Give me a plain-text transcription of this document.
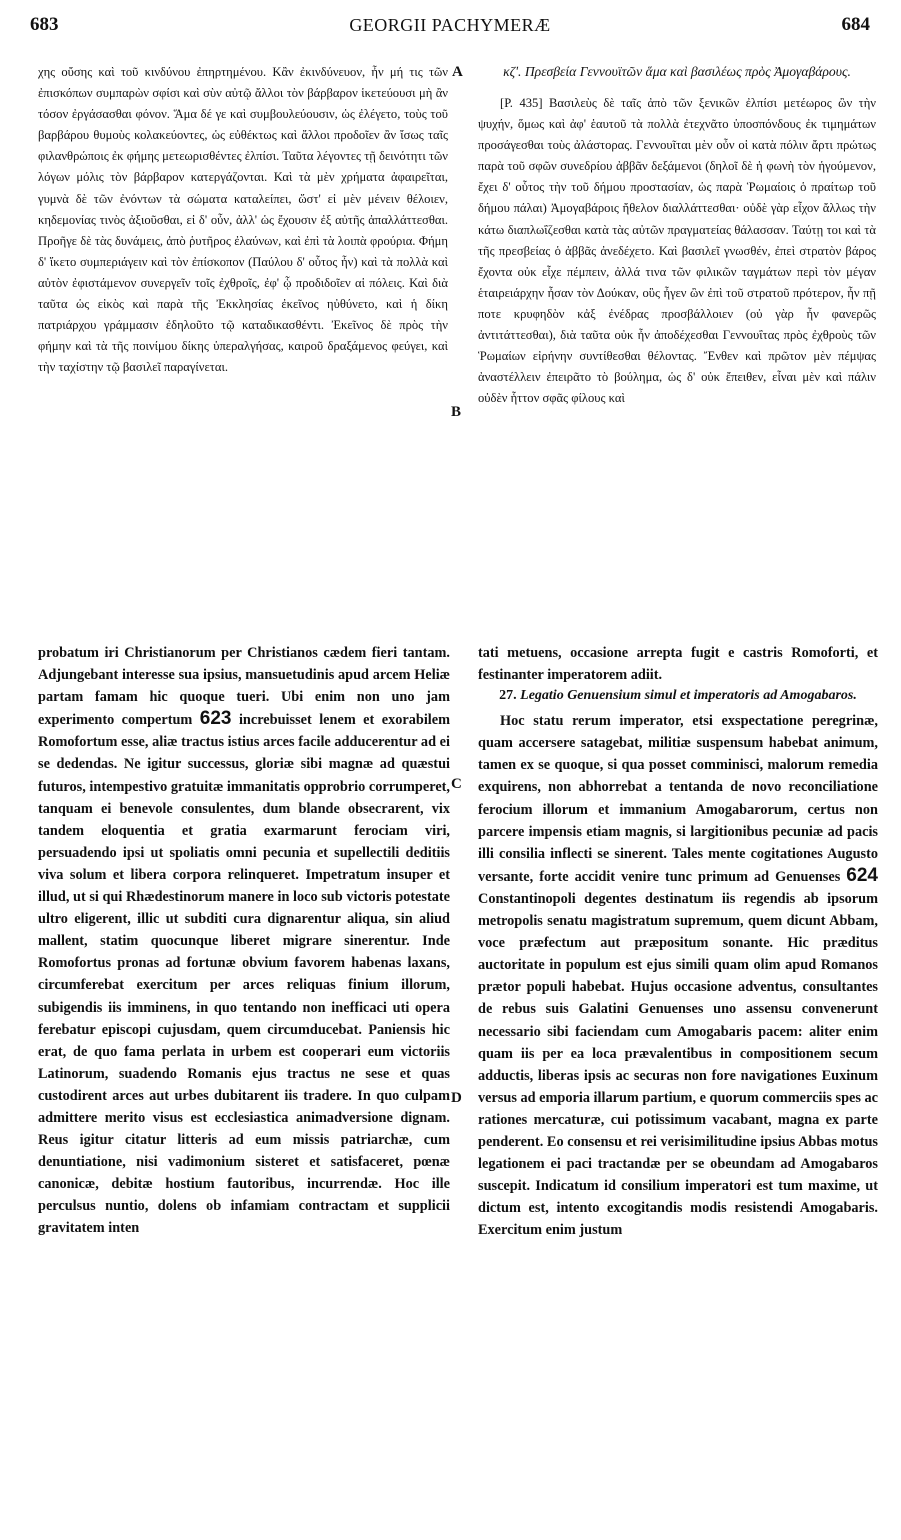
683	GEORGII PACHYMERÆ	684

χης οὔσης καὶ τοῦ κινδύνου ἐπηρτημένου. Κἂν ἐκινδύνευον, ἦν μή τις τῶν ἐπισκόπων συμπαρὼν σφίσι καὶ σὺν αὐτῷ ἄλλοι τὸν βάρβαρον ἱκετεύουσι μὴ ἂν τόσον ἐργάσασθαι φόνον. Ἅμα δέ γε καὶ συμβουλεύουσιν, ὡς ἐλέγετο, τοὺς τοῦ βαρβάρου θυμοὺς κολακεύοντες, ὡς εὐθέκτως καὶ ἄλλοι προδοῖεν ἂν ἴσως ταῖς φιλανθρώποις ἐκ φήμης μετεωρισθέντες ἐλπίσι. Ταῦτα λέγοντες τῇ δεινότητι τῶν λόγων μόλις τὸν βάρβαρον κατεργάζονται. Καὶ τὰ μὲν χρήματα ἀφαιρεῖται, γυμνὰ δὲ τῶν ἐνόντων τὰ σώματα καταλείπει, ὥστ' εἰ μὲν μένειν θέλοιεν, κηδεμονίας τινὸς ἀξιοῦσθαι, εἰ δ' οὖν, ἀλλ' ὡς ἔχουσιν ἐξ αὐτῆς ἀπαλλάττεσθαι. Προῆγε δὲ τὰς δυνάμεις, ἀπὸ ῥυτῆρος ἐλαύνων, καὶ ἐπὶ τὰ λοιπὰ φρούρια. Φήμη δ' ἵκετο συμπεριάγειν καὶ τὸν ἐπίσκοπον (Παύλου δ' οὗτος ἦν) καὶ τὰ πολλὰ καὶ αὐτὸν ἐφιστάμενον συνεργεῖν τοῖς ἐχθροῖς, ἐφ' ᾧ προδιδοῖεν αἱ πόλεις. Καὶ διὰ ταῦτα ὡς εἰκὸς καὶ παρὰ τῆς Ἐκκλησίας ἐκεῖνος ηὐθύνετο, καὶ ἡ δίκη πατριάρχου γράμμασιν ἐδηλοῦτο τῷ καταδικασθέντι. Ἐκεῖνος δὲ πρὸς τὴν φήμην καὶ τὰ τῆς ποινίμου δίκης ὑπεραλγήσας, καιροῦ δραξάμενος φεύγει, καὶ τὴν ταχίστην τῷ βασιλεῖ παραγίνεται.

A	κζʹ. Πρεσβεία Γεννουϊτῶν ἅμα καὶ βασιλέως πρὸς Ἀμογαβάρους.

[P. 435] Βασιλεὺς δὲ ταῖς ἀπὸ τῶν ξενικῶν ἐλπίσι μετέωρος ὢν τὴν ψυχήν, ὅμως καὶ ἀφ' ἑαυτοῦ τὰ πολλὰ ἐτεχνᾶτο ὑποσπόνδους ἐκ τιμημάτων προσάγεσθαι τοὺς ἀλάστορας. Γεννουῖται μὲν οὖν οἱ κατὰ πόλιν ἄρτι πρώτως παρὰ τοῦ σφῶν συνεδρίου ἀββᾶν δεξάμενοι (δηλοῖ δὲ ἡ φωνὴ τὸν ἡγούμενον, ἔχει δ' οὗτος τὴν τοῦ δήμου προστασίαν, ὡς παρὰ Ῥωμαίοις ὁ πραίτωρ τοῦ δήμου πάλαι) Ἀμογαβάροις ἤθελον διαλλάττεσθαι· οὐδὲ γὰρ εἶχον ἄλλως τὴν κάτω διαπλωΐζεσθαι κατὰ τὰς αὐτῶν πραγματείας θάλασσαν. Ταύτῃ τοι καὶ τὰ τῆς πρεσβείας ὁ ἀββᾶς ἀνεδέχετο. Καὶ βασιλεῖ γνωσθέν, ἐπεὶ στρατὸν βάρος ἔχοντα οὐκ εἶχε πέμπειν, ἀλλά τινα τῶν φιλικῶν ταγμάτων περὶ τὸν μέγαν ἑταιρειάρχην ἦσαν τὸν Δούκαν, οὓς ἦγεν ὢν ἐπὶ τοῦ στρατοῦ πρότερον, ἦν πῇ ποτε κρυφηδὸν κἀξ ἐνέδρας προσβάλλοιεν (οὐ γὰρ ἦν φανερῶς ἀντιτάττεσθαι), διὰ ταῦτα οὐκ ἦν ἀποδέχεσθαι Γεννουΐτας πρὸς ἐχθροὺς τῶν Ῥωμαίων εἰρήνην συντίθεσθαι θέλοντας. Ἔνθεν καὶ πρῶτον μὲν πέμψας ἀναστέλλειν ἐπειρᾶτο τὸ βούλημα, ὡς δ' οὐκ ἔπειθεν, εἶναι μὲν καὶ πάλιν οὐδὲν ἧττον σφᾶς φίλους καὶ

B

probatum iri Christianorum per Christianos cædem fieri tantam. Adjungebant interesse sua ipsius, mansuetudinis apud arcem Heliæ partam famam hic quoque tueri. Ubi enim non uno jam experimento compertum 623 increbuisset lenem et exorabilem Romofortum esse, aliæ tractus istius arces facile adducerentur ad ei se dedendas. Ne igitur successus, gloriæ sibi magnæ ad quæstui futuros, intempestivo gratuitæ immanitatis opprobrio corrumperet, tanquam ei benevole consulentes, dum blande obsecrarent, vix tandem eloquentia et gratia exarmarunt ferociam viri, persuadendo ipsi ut spoliatis omni pecunia et supellectili deditiis viva solum et libera corpora relinqueret. Impetratum insuper et illud, ut si qui Rhædestinorum manere in loco sub victoris potestate ultro eligerent, illic ut subditi cura dignarentur aliqua, sin aliud mallent, statim quocunque liberet migrare sinerentur. Inde Romofortus pronas ad fortunæ obvium favorem habenas laxans, circumferebat exercitum per arces reliquas finium illorum, subigendis iis imminens, in quo tentando non inefficaci uti opera ferebatur episcopi cujusdam, quem circumducebat. Paniensis hic erat, de quo fama perlata in urbem est cooperari eum victoriis Latinorum, suadendo Romanis ejus tractus ne sese et quas custodirent arces aut urbes dubitarent iis tradere. In quo culpam admittere merito visus est ecclesiastica animadversione dignam. Reus igitur citatur litteris ad eum missis patriarchæ, cum denuntiatione, nisi vadimonium sisteret et satisfaceret, pœnæ canonicæ, debitæ hostium fautoribus, incurrendæ. Hoc ille perculsus nuntio, dolens ob infamiam contractam et supplicii gravitatem inten

C
D

tati metuens, occasione arrepta fugit e castris Romoforti, et festinanter imperatorem adiit.

27. Legatio Genuensium simul et imperatoris ad Amogabaros.

Hoc statu rerum imperator, etsi exspectatione peregrinæ, quam accersere satagebat, militiæ suspensum habebat animum, tamen ex se quoque, si qua posset comminisci, malorum remedia exquirens, non abhorrebat a tentanda de novo reconciliatione ferocium illorum et immanium Amogabarorum, certus non parcere impensis etiam magnis, si largitionibus pecuniæ ad pacis illi consilia inflecti se sinerent. Tales mente cogitationes Augusto versante, forte accidit venire tunc primum ad Genuenses 624 Constantinopoli degentes destinatum iis regendis ab ipsorum metropolis senatu magistratum supremum, quem dicunt Abbam, voce præfectum aut præpositum sonante. Hic præditus auctoritate in populum est ejus simili quam olim apud Romanos prætor populi habebat. Hujus occasione adventus, consultantes de rebus suis Galatini Genuenses uno assensu convenerunt necessario sibi faciendam cum Amogabaris pacem: aliter enim quam iis per ea loca prævalentibus in compositionem secum adductis, liberas ipsis ac securas non fore navigationes Euxinum versus ad emporia illarum partium, e quorum commerciis spes ac rationes mercaturæ, cui potissimum vacabant, magna ex parte penderent. Eo consensu et rei verisimilitudine ipsius Abbas motus legationem ei paci tractandæ per se obeundam ad Amogabaros suscepit. Indicatum id consilium imperatori est tum maxime, ut dictum est, intento excogitandis modis resistendi Amogabaris. Exercitum enim justum
